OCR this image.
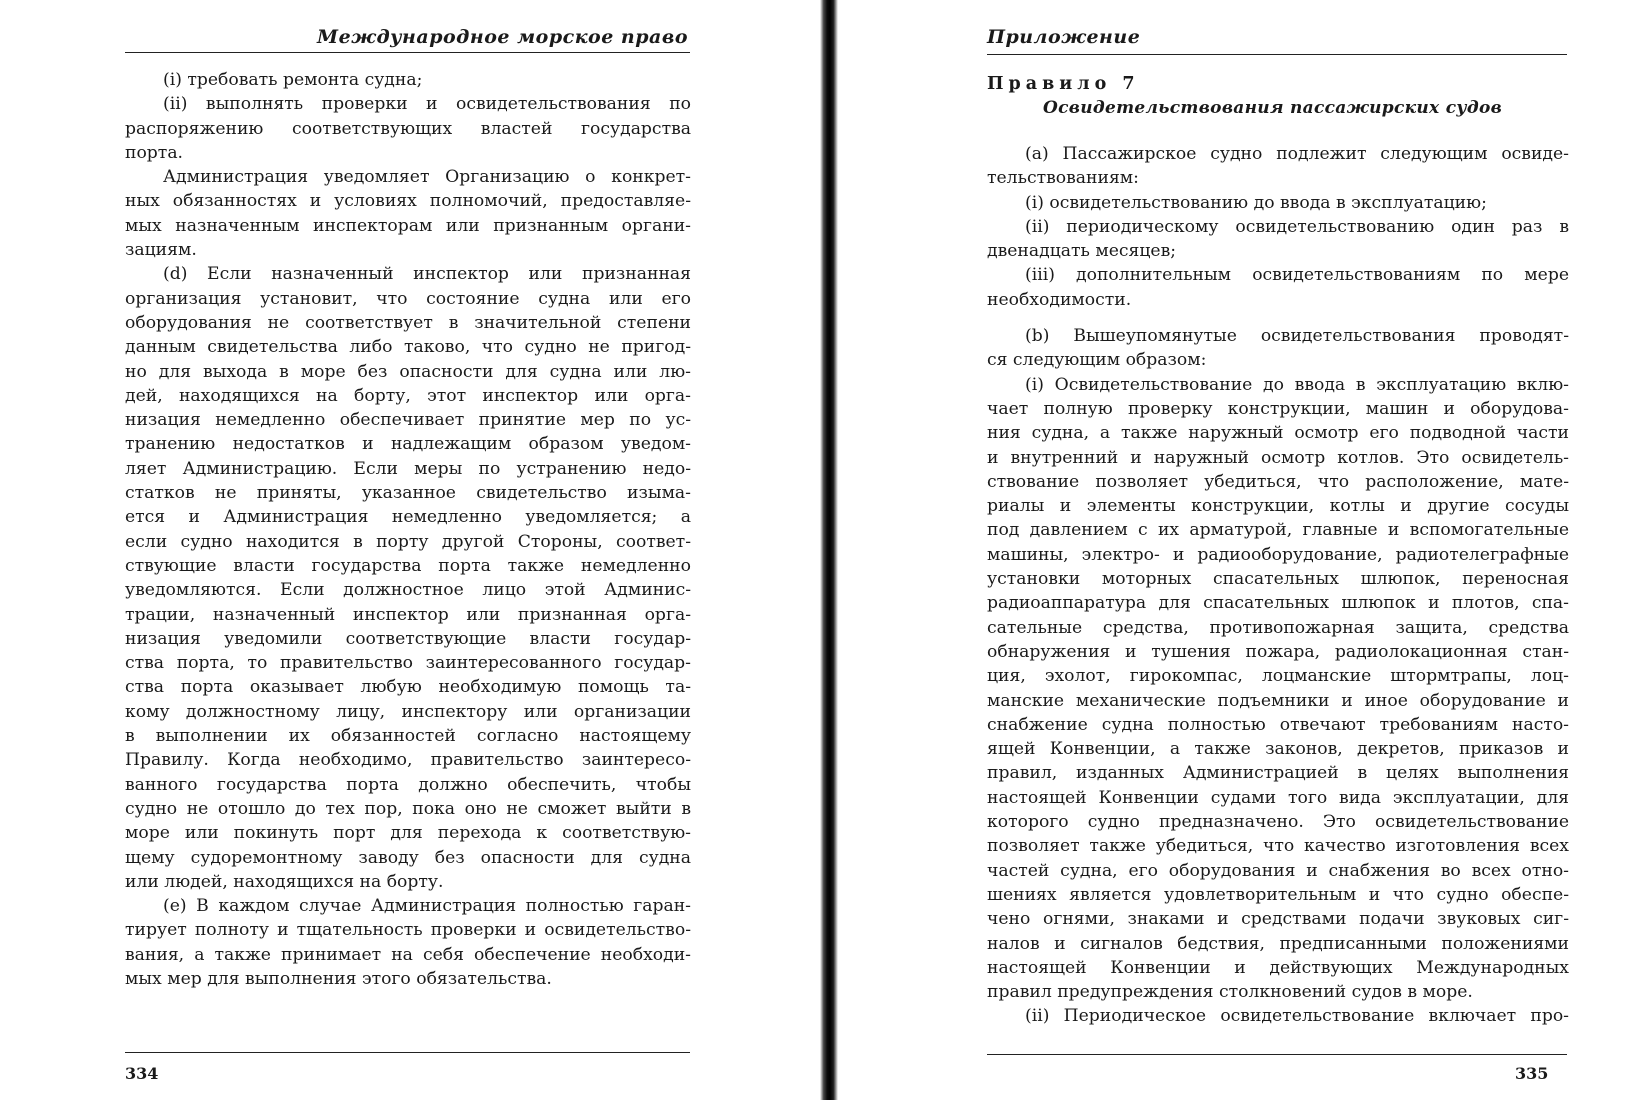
Международное морское право
(i) требовать ремонта судна;
(ii) выполнять проверки и освидетельствования по
распоряжению соответствующих властей государства
порта.
Администрация уведомляет Организацию о конкрет-
ных обязанностях и условиях полномочий, предоставляе-
мых назначенным инспекторам или признанным органи-
зациям.
(d) Если назначенный инспектор или признанная
организация установит, что состояние судна или его
оборудования не соответствует в значительной степени
данным свидетельства либо таково, что судно не пригод-
но для выхода в море без опасности для судна или лю-
дей, находящихся на борту, этот инспектор или орга-
низация немедленно обеспечивает принятие мер по ус-
транению недостатков и надлежащим образом уведом-
ляет Администрацию. Если меры по устранению недо-
статков не приняты, указанное свидетельство изыма-
ется и Администрация немедленно уведомляется; а
если судно находится в порту другой Стороны, соответ-
ствующие власти государства порта также немедленно
уведомляются. Если должностное лицо этой Админис-
трации, назначенный инспектор или признанная орга-
низация уведомили соответствующие власти государ-
ства порта, то правительство заинтересованного государ-
ства порта оказывает любую необходимую помощь та-
кому должностному лицу, инспектору или организации
в выполнении их обязанностей согласно настоящему
Правилу. Когда необходимо, правительство заинтересо-
ванного государства порта должно обеспечить, чтобы
судно не отошло до тех пор, пока оно не сможет выйти в
море или покинуть порт для перехода к соответствую-
щему судоремонтному заводу без опасности для судна
или людей, находящихся на борту.
(е) В каждом случае Администрация полностью гаран-
тирует полноту и тщательность проверки и освидетельство-
вания, а также принимает на себя обеспечение необходи-
мых мер для выполнения этого обязательства.
334
Приложение
Правило 7
Освидетельствования пассажирских судов
(а) Пассажирское судно подлежит следующим освиде-
тельствованиям:
(i) освидетельствованию до ввода в эксплуатацию;
(ii) периодическому освидетельствованию один раз в
двенадцать месяцев;
(iii) дополнительным освидетельствованиям по мере
необходимости.
(b) Вышеупомянутые освидетельствования проводят-
ся следующим образом:
(i) Освидетельствование до ввода в эксплуатацию вклю-
чает полную проверку конструкции, машин и оборудова-
ния судна, а также наружный осмотр его подводной части
и внутренний и наружный осмотр котлов. Это освидетель-
ствование позволяет убедиться, что расположение, мате-
риалы и элементы конструкции, котлы и другие сосуды
под давлением с их арматурой, главные и вспомогательные
машины, электро- и радиооборудование, радиотелеграфные
установки моторных спасательных шлюпок, переносная
радиоаппаратура для спасательных шлюпок и плотов, спа-
сательные средства, противопожарная защита, средства
обнаружения и тушения пожара, радиолокационная стан-
ция, эхолот, гирокомпас, лоцманские штормтрапы, лоц-
манские механические подъемники и иное оборудование и
снабжение судна полностью отвечают требованиям насто-
ящей Конвенции, а также законов, декретов, приказов и
правил, изданных Администрацией в целях выполнения
настоящей Конвенции судами того вида эксплуатации, для
которого судно предназначено. Это освидетельствование
позволяет также убедиться, что качество изготовления всех
частей судна, его оборудования и снабжения во всех отно-
шениях является удовлетворительным и что судно обеспе-
чено огнями, знаками и средствами подачи звуковых сиг-
налов и сигналов бедствия, предписанными положениями
настоящей Конвенции и действующих Международных
правил предупреждения столкновений судов в море.
(ii) Периодическое освидетельствование включает про-
335
